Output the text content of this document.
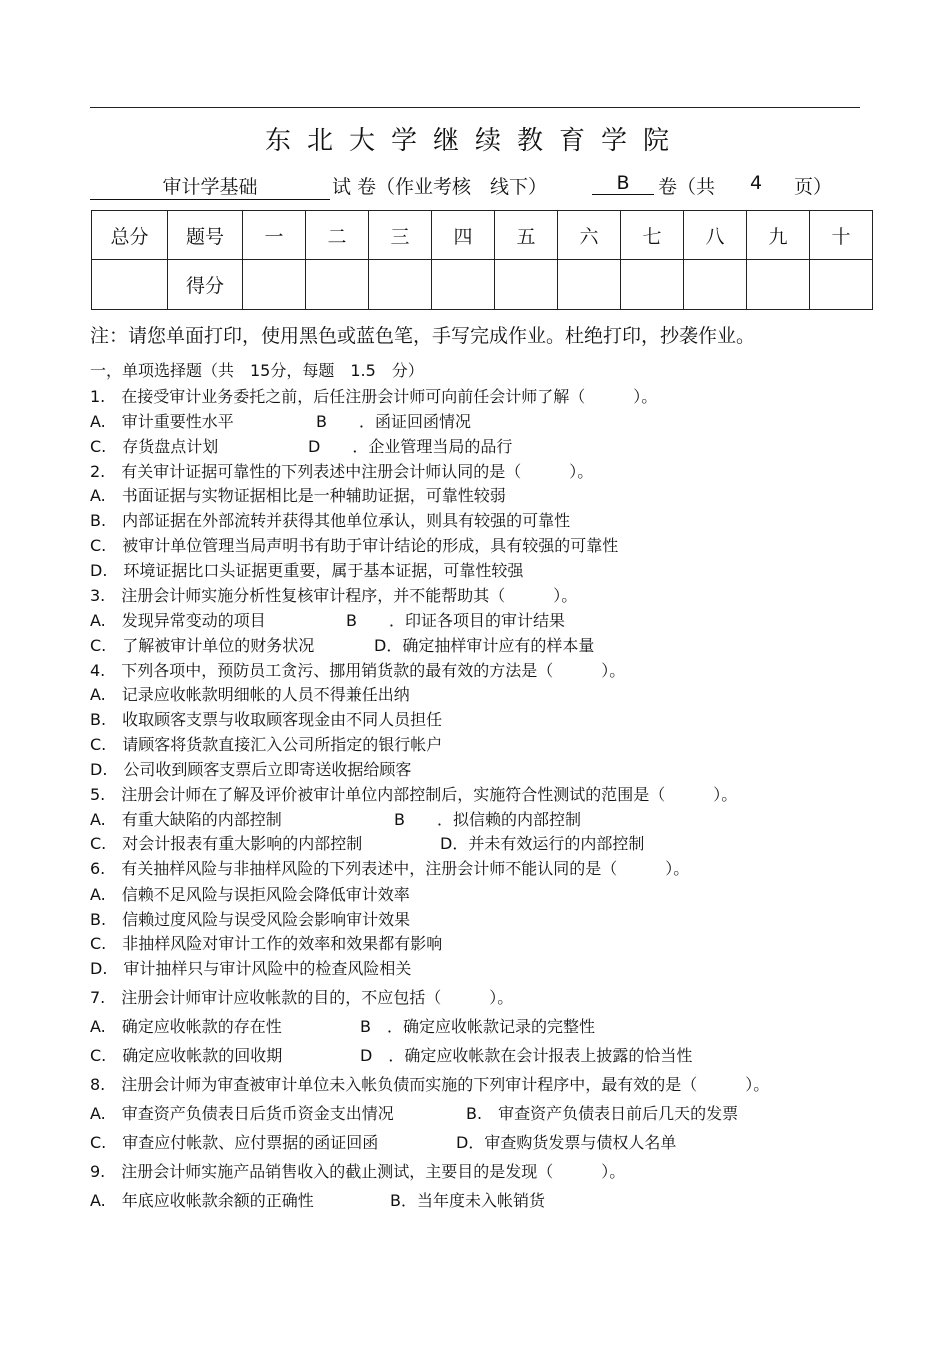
东北大学继续教育学院
审计学基础	试 卷（作业考核　线下）	B	卷（共 4 页）
总分	题号	一	二	三	四	五	六	七	八	九	十
	得分										
注：请您单面打印，使用黑色或蓝色笔，手写完成作业。杜绝打印，抄袭作业。
一，单项选择题（共　15分，每题　1.5　分）
1.　在接受审计业务委托之前，后任注册会计师可向前任会计师了解（　　　）。
A.　审计重要性水平	B　　．函证回函情况
C.　存货盘点计划	D　　．企业管理当局的品行
2.　有关审计证据可靠性的下列表述中注册会计师认同的是（　　　）。
A.　书面证据与实物证据相比是一种辅助证据，可靠性较弱
B.　内部证据在外部流转并获得其他单位承认，则具有较强的可靠性
C.　被审计单位管理当局声明书有助于审计结论的形成，具有较强的可靠性
D.　环境证据比口头证据更重要，属于基本证据，可靠性较强
3.　注册会计师实施分析性复核审计程序，并不能帮助其（　　　）。
A.　发现异常变动的项目	B　　．印证各项目的审计结果
C.　了解被审计单位的财务状况	D．确定抽样审计应有的样本量
4.　下列各项中，预防员工贪污、挪用销货款的最有效的方法是（　　　）。
A.　记录应收帐款明细帐的人员不得兼任出纳
B.　收取顾客支票与收取顾客现金由不同人员担任
C.　请顾客将货款直接汇入公司所指定的银行帐户
D.　公司收到顾客支票后立即寄送收据给顾客
5.　注册会计师在了解及评价被审计单位内部控制后，实施符合性测试的范围是（　　　）。
A.　有重大缺陷的内部控制	B　　．拟信赖的内部控制
C.　对会计报表有重大影响的内部控制	D．并未有效运行的内部控制
6.　有关抽样风险与非抽样风险的下列表述中，注册会计师不能认同的是（　　　）。
A.　信赖不足风险与误拒风险会降低审计效率
B.　信赖过度风险与误受风险会影响审计效果
C.　非抽样风险对审计工作的效率和效果都有影响
D.　审计抽样只与审计风险中的检查风险相关
7.　注册会计师审计应收帐款的目的，不应包括（　　　）。
A.　确定应收帐款的存在性	B　．确定应收帐款记录的完整性
C.　确定应收帐款的回收期	D　．确定应收帐款在会计报表上披露的恰当性
8.　注册会计师为审查被审计单位未入帐负债而实施的下列审计程序中，最有效的是（　　　）。
A.　审查资产负债表日后货币资金支出情况	B.　审查资产负债表日前后几天的发票
C.　审查应付帐款、应付票据的函证回函	D．审查购货发票与债权人名单
9.　注册会计师实施产品销售收入的截止测试，主要目的是发现（　　　）。
A.　年底应收帐款余额的正确性	B．当年度未入帐销货
